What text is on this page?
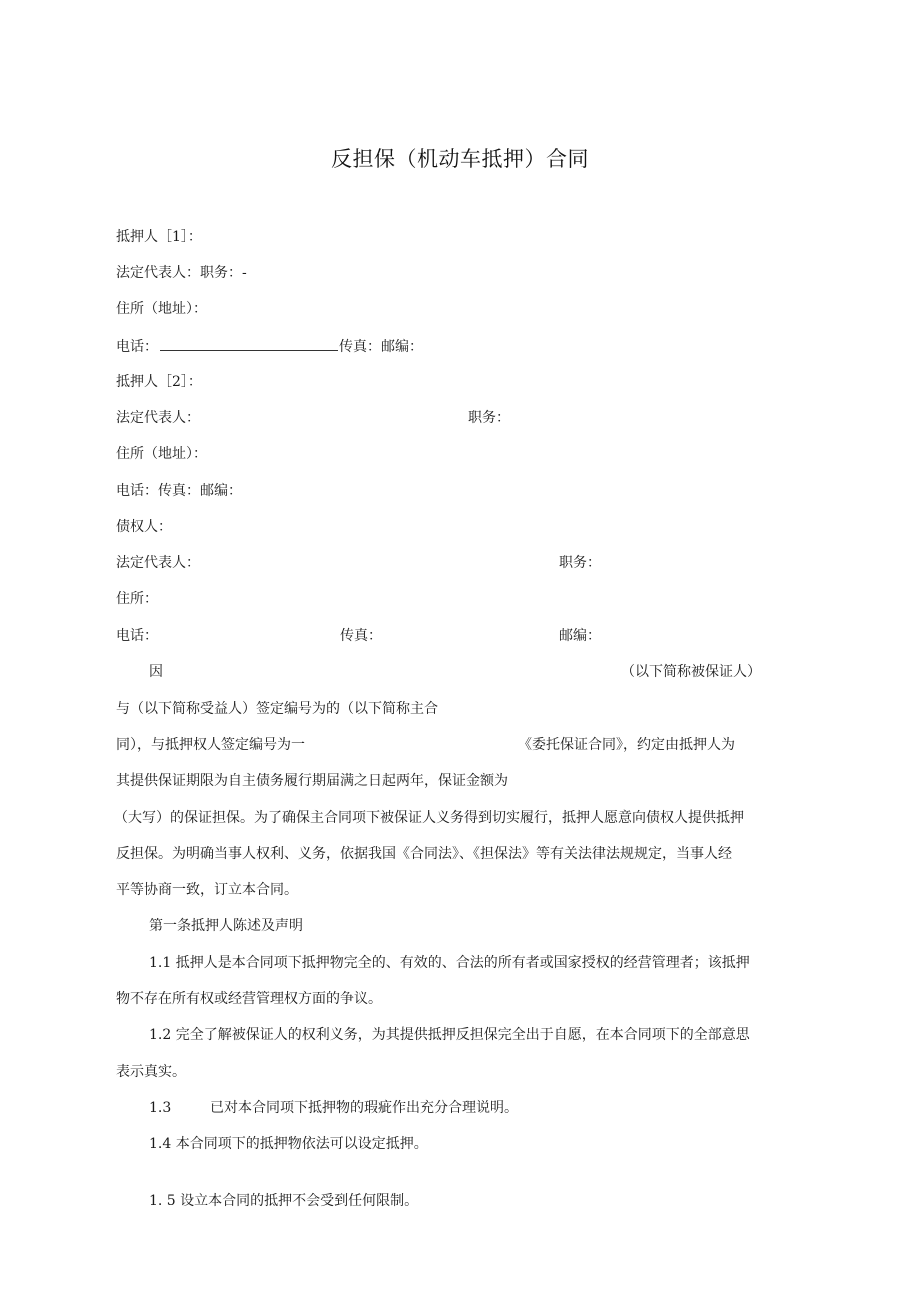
反担保（机动车抵押）合同
抵押人［1］：
法定代表人：职务：-
住所（地址）：
电话：	传真：邮编：
抵押人［2］：
法定代表人：	职务：
住所（地址）：
电话：传真：邮编：
债权人：
法定代表人：	职务：
住所：
电话：	传真：	邮编：
因	（以下简称被保证人）
与（以下简称受益人）签定编号为的（以下简称主合
同），与抵押权人签定编号为一	《委托保证合同》，约定由抵押人为
其提供保证期限为自主债务履行期届满之日起两年，保证金额为
（大写）的保证担保。为了确保主合同项下被保证人义务得到切实履行，抵押人愿意向债权人提供抵押
反担保。为明确当事人权利、义务，依据我国《合同法》、《担保法》等有关法律法规规定，当事人经
平等协商一致，订立本合同。
第一条抵押人陈述及声明
1.1 抵押人是本合同项下抵押物完全的、有效的、合法的所有者或国家授权的经营管理者；该抵押
物不存在所有权或经营管理权方面的争议。
1.2 完全了解被保证人的权利义务，为其提供抵押反担保完全出于自愿，在本合同项下的全部意思
表示真实。
1.3	已对本合同项下抵押物的瑕疵作出充分合理说明。
1.4 本合同项下的抵押物依法可以设定抵押。
1. 5 设立本合同的抵押不会受到任何限制。
